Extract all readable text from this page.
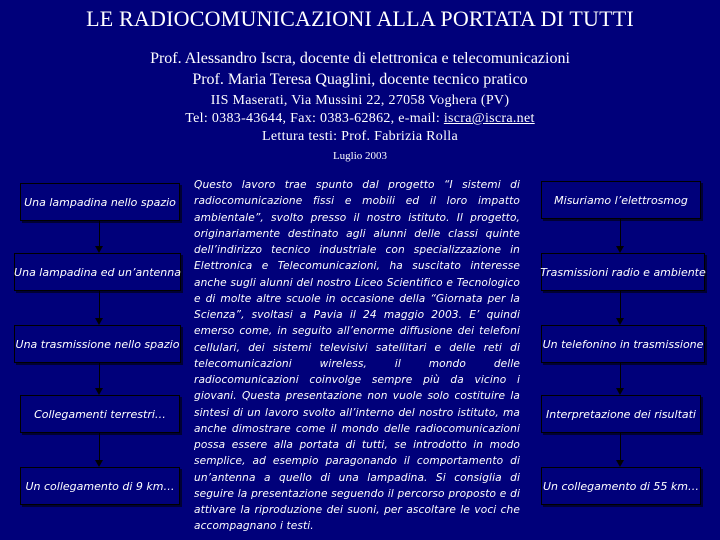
LE RADIOCOMUNICAZIONI ALLA PORTATA DI TUTTI
Prof. Alessandro Iscra, docente di elettronica e telecomunicazioni
Prof. Maria Teresa Quaglini, docente tecnico pratico
IIS Maserati, Via Mussini 22, 27058 Voghera (PV)
Tel: 0383-43644, Fax: 0383-62862, e-mail: iscra@iscra.net
Lettura testi: Prof. Fabrizia Rolla
Luglio 2003
Una lampadina nello spazio
Una lampadina ed un’antenna
Una trasmissione nello spazio
Collegamenti terrestri…
Un collegamento di 9 km…
Misuriamo l’elettrosmog
Trasmissioni radio e ambiente
Un telefonino in trasmissione
Interpretazione dei risultati
Un collegamento di 55 km…
Questo lavoro trae spunto dal progetto “I sistemi di radiocomunicazione fissi e mobili ed il loro impatto ambientale”, svolto presso il nostro istituto. Il progetto, originariamente destinato agli alunni delle classi quinte dell’indirizzo tecnico industriale con specializzazione in Elettronica e Telecomunicazioni, ha suscitato interesse anche sugli alunni del nostro Liceo Scientifico e Tecnologico e di molte altre scuole in occasione della “Giornata per la Scienza”, svoltasi a Pavia il 24 maggio 2003. E’ quindi emerso come, in seguito all’enorme diffusione dei telefoni cellulari, dei sistemi televisivi satellitari e delle reti di telecomunicazioni wireless, il mondo delle radiocomunicazioni coinvolge sempre più da vicino i giovani. Questa presentazione non vuole solo costituire la sintesi di un lavoro svolto all’interno del nostro istituto, ma anche dimostrare come il mondo delle radiocomunicazioni possa essere alla portata di tutti, se introdotto in modo semplice, ad esempio paragonando il comportamento di un’antenna a quello di una lampadina. Si consiglia di seguire la presentazione seguendo il percorso proposto e di attivare la riproduzione dei suoni, per ascoltare le voci che accompagnano i testi.
